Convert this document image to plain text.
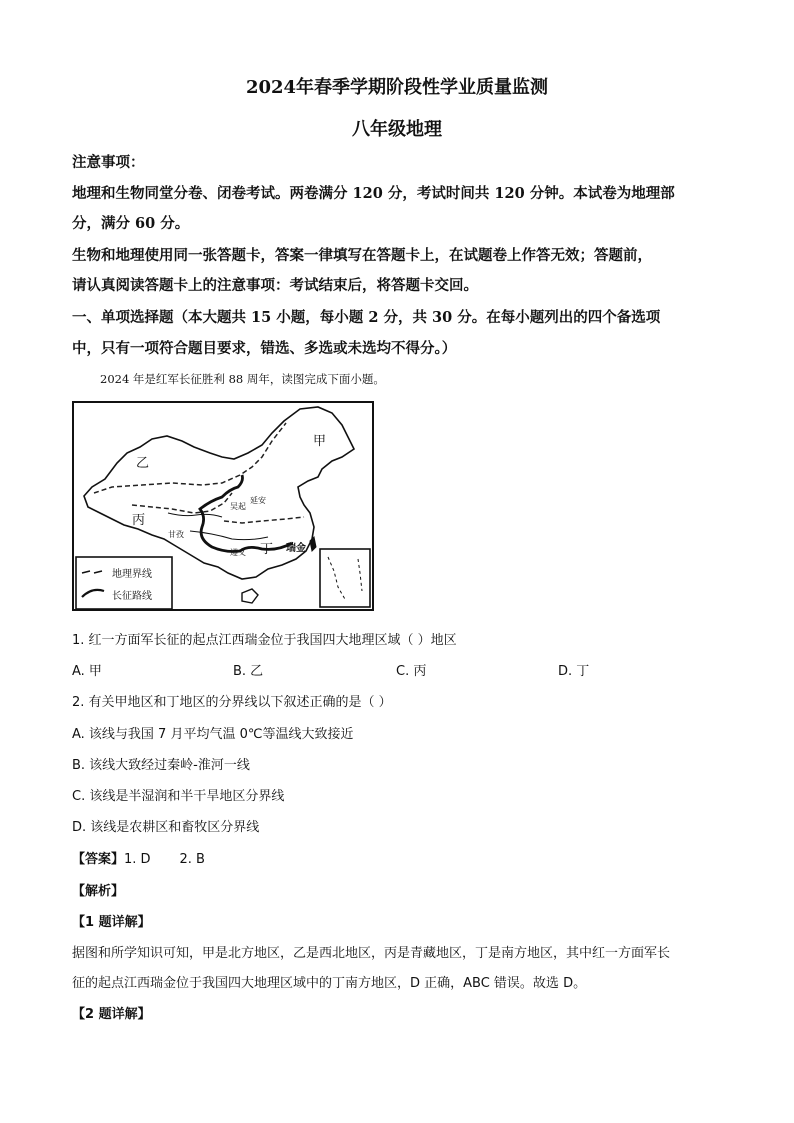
2024年春季学期阶段性学业质量监测
八年级地理
注意事项：
地理和生物同堂分卷、闭卷考试。两卷满分 120 分，考试时间共 120 分钟。本试卷为地理部
分，满分 60 分。
生物和地理使用同一张答题卡，答案一律填写在答题卡上，在试题卷上作答无效；答题前，
请认真阅读答题卡上的注意事项：考试结束后，将答题卡交回。
一、单项选择题（本大题共 15 小题，每小题 2 分，共 30 分。在每小题列出的四个备选项
中，只有一项符合题目要求，错选、多选或未选均不得分。）
2024 年是红军长征胜利 88 周年，读图完成下面小题。
甲
乙
丙
丁
延安
吴起
甘孜
遵义	瑞金
地理界线
长征路线
1. 红一方面军长征的起点江西瑞金位于我国四大地理区域（ ）地区
A. 甲	B. 乙	C. 丙	D. 丁
2. 有关甲地区和丁地区的分界线以下叙述正确的是（ ）
A. 该线与我国 7 月平均气温 0℃等温线大致接近
B. 该线大致经过秦岭-淮河一线
C. 该线是半湿润和半干旱地区分界线
D. 该线是农耕区和畜牧区分界线
【答案】1. D       2. B
【解析】
【1 题详解】
据图和所学知识可知，甲是北方地区，乙是西北地区，丙是青藏地区，丁是南方地区，其中红一方面军长
征的起点江西瑞金位于我国四大地理区域中的丁南方地区，D 正确，ABC 错误。故选 D。
【2 题详解】
